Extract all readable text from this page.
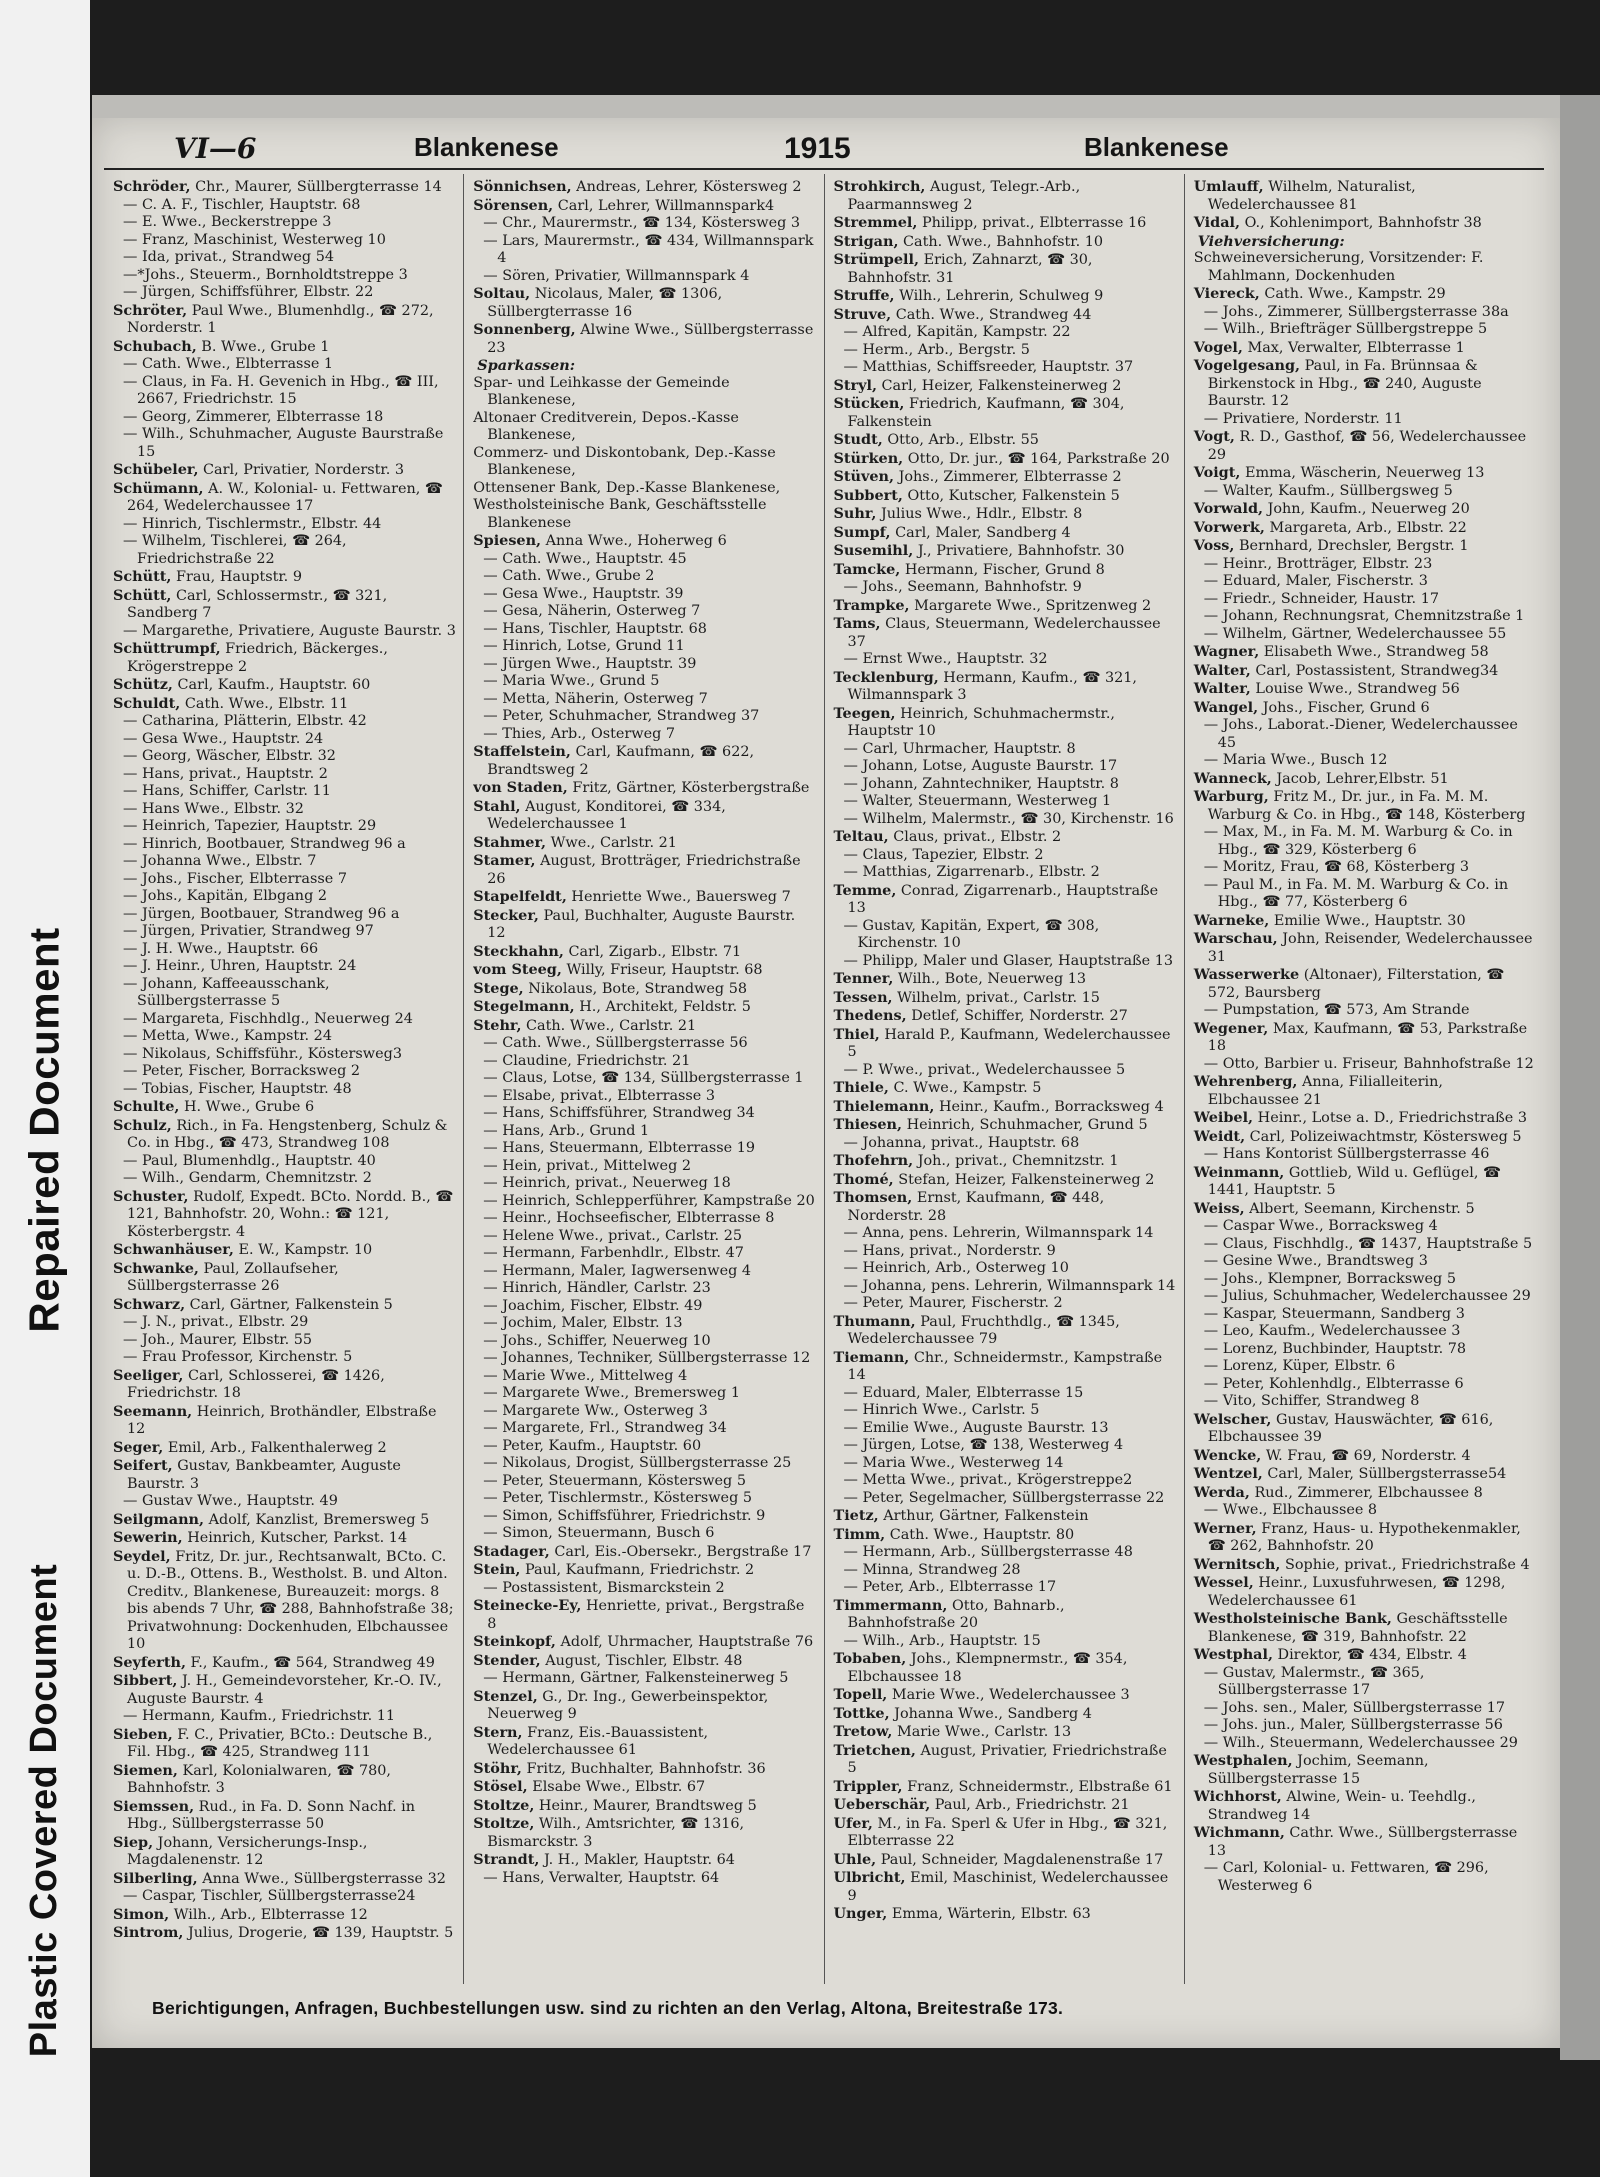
Repaired Document
Plastic Covered Document
VI—6	Blankenese	1915	Blankenese
Schröder, Chr., Maurer, Süllbergterrasse 14
— C. A. F., Tischler, Hauptstr. 68
— E. Wwe., Beckerstreppe 3
— Franz, Maschinist, Westerweg 10
— Ida, privat., Strandweg 54
—*Johs., Steuerm., Bornholdtstreppe 3
— Jürgen, Schiffsführer, Elbstr. 22
Schröter, Paul Wwe., Blumenhdlg., ☎ 272, Norderstr. 1
Schubach, B. Wwe., Grube 1
— Cath. Wwe., Elbterrasse 1
— Claus, in Fa. H. Gevenich in Hbg., ☎ III, 2667, Friedrichstr. 15
— Georg, Zimmerer, Elbterrasse 18
— Wilh., Schuhmacher, Auguste Baurstraße 15
Schübeler, Carl, Privatier, Norderstr. 3
Schümann, A. W., Kolonial- u. Fettwaren, ☎ 264, Wedelerchaussee 17
— Hinrich, Tischlermstr., Elbstr. 44
— Wilhelm, Tischlerei, ☎ 264, Friedrichstraße 22
Schütt, Frau, Hauptstr. 9
Schütt, Carl, Schlossermstr., ☎ 321, Sandberg 7
— Margarethe, Privatiere, Auguste Baurstr. 3
Schüttrumpf, Friedrich, Bäckerges., Krögerstreppe 2
Schütz, Carl, Kaufm., Hauptstr. 60
Schuldt, Cath. Wwe., Elbstr. 11
— Catharina, Plätterin, Elbstr. 42
— Gesa Wwe., Hauptstr. 24
— Georg, Wäscher, Elbstr. 32
— Hans, privat., Hauptstr. 2
— Hans, Schiffer, Carlstr. 11
— Hans Wwe., Elbstr. 32
— Heinrich, Tapezier, Hauptstr. 29
— Hinrich, Bootbauer, Strandweg 96 a
— Johanna Wwe., Elbstr. 7
— Johs., Fischer, Elbterrasse 7
— Johs., Kapitän, Elbgang 2
— Jürgen, Bootbauer, Strandweg 96 a
— Jürgen, Privatier, Strandweg 97
— J. H. Wwe., Hauptstr. 66
— J. Heinr., Uhren, Hauptstr. 24
— Johann, Kaffeeausschank, Süllbergsterrasse 5
— Margareta, Fischhdlg., Neuerweg 24
— Metta, Wwe., Kampstr. 24
— Nikolaus, Schiffsführ., Köstersweg3
— Peter, Fischer, Borracksweg 2
— Tobias, Fischer, Hauptstr. 48
Schulte, H. Wwe., Grube 6
Schulz, Rich., in Fa. Hengstenberg, Schulz & Co. in Hbg., ☎ 473, Strandweg 108
— Paul, Blumenhdlg., Hauptstr. 40
— Wilh., Gendarm, Chemnitzstr. 2
Schuster, Rudolf, Expedt. BCto. Nordd. B., ☎ 121, Bahnhofstr. 20, Wohn.: ☎ 121, Kösterbergstr. 4
Schwanhäuser, E. W., Kampstr. 10
Schwanke, Paul, Zollaufseher, Süllbergsterrasse 26
Schwarz, Carl, Gärtner, Falkenstein 5
— J. N., privat., Elbstr. 29
— Joh., Maurer, Elbstr. 55
— Frau Professor, Kirchenstr. 5
Seeliger, Carl, Schlosserei, ☎ 1426, Friedrichstr. 18
Seemann, Heinrich, Brothändler, Elbstraße 12
Seger, Emil, Arb., Falkenthalerweg 2
Seifert, Gustav, Bankbeamter, Auguste Baurstr. 3
— Gustav Wwe., Hauptstr. 49
Seilgmann, Adolf, Kanzlist, Bremersweg 5
Sewerin, Heinrich, Kutscher, Parkst. 14
Seydel, Fritz, Dr. jur., Rechtsanwalt, BCto. C. u. D.-B., Ottens. B., Westholst. B. und Alton. Creditv., Blankenese, Bureauzeit: morgs. 8 bis abends 7 Uhr, ☎ 288, Bahnhofstraße 38; Privatwohnung: Dockenhuden, Elbchaussee 10
Seyferth, F., Kaufm., ☎ 564, Strandweg 49
Sibbert, J. H., Gemeindevorsteher, Kr.-O. IV., Auguste Baurstr. 4
— Hermann, Kaufm., Friedrichstr. 11
Sieben, F. C., Privatier, BCto.: Deutsche B., Fil. Hbg., ☎ 425, Strandweg 111
Siemen, Karl, Kolonialwaren, ☎ 780, Bahnhofstr. 3
Siemssen, Rud., in Fa. D. Sonn Nachf. in Hbg., Süllbergsterrasse 50
Siep, Johann, Versicherungs-Insp., Magdalenenstr. 12
Silberling, Anna Wwe., Süllbergsterrasse 32
— Caspar, Tischler, Süllbergsterrasse24
Simon, Wilh., Arb., Elbterrasse 12
Sintrom, Julius, Drogerie, ☎ 139, Hauptstr. 5
Sönnichsen, Andreas, Lehrer, Köstersweg 2
Sörensen, Carl, Lehrer, Willmannspark4
— Chr., Maurermstr., ☎ 134, Köstersweg 3
— Lars, Maurermstr., ☎ 434, Willmannspark 4
— Sören, Privatier, Willmannspark 4
Soltau, Nicolaus, Maler, ☎ 1306, Süllbergterrasse 16
Sonnenberg, Alwine Wwe., Süllbergsterrasse 23
Sparkassen:
Spar- und Leihkasse der Gemeinde Blankenese,
Altonaer Creditverein, Depos.-Kasse Blankenese,
Commerz- und Diskontobank, Dep.-Kasse Blankenese,
Ottensener Bank, Dep.-Kasse Blankenese,
Westholsteinische Bank, Geschäftsstelle Blankenese
Spiesen, Anna Wwe., Hoherweg 6
— Cath. Wwe., Hauptstr. 45
— Cath. Wwe., Grube 2
— Gesa Wwe., Hauptstr. 39
— Gesa, Näherin, Osterweg 7
— Hans, Tischler, Hauptstr. 68
— Hinrich, Lotse, Grund 11
— Jürgen Wwe., Hauptstr. 39
— Maria Wwe., Grund 5
— Metta, Näherin, Osterweg 7
— Peter, Schuhmacher, Strandweg 37
— Thies, Arb., Osterweg 7
Staffelstein, Carl, Kaufmann, ☎ 622, Brandtsweg 2
von Staden, Fritz, Gärtner, Kösterbergstraße
Stahl, August, Konditorei, ☎ 334, Wedelerchaussee 1
Stahmer, Wwe., Carlstr. 21
Stamer, August, Brotträger, Friedrichstraße 26
Stapelfeldt, Henriette Wwe., Bauersweg 7
Stecker, Paul, Buchhalter, Auguste Baurstr. 12
Steckhahn, Carl, Zigarb., Elbstr. 71
vom Steeg, Willy, Friseur, Hauptstr. 68
Stege, Nikolaus, Bote, Strandweg 58
Stegelmann, H., Architekt, Feldstr. 5
Stehr, Cath. Wwe., Carlstr. 21
— Cath. Wwe., Süllbergsterrasse 56
— Claudine, Friedrichstr. 21
— Claus, Lotse, ☎ 134, Süllbergsterrasse 1
— Elsabe, privat., Elbterrasse 3
— Hans, Schiffsführer, Strandweg 34
— Hans, Arb., Grund 1
— Hans, Steuermann, Elbterrasse 19
— Hein, privat., Mittelweg 2
— Heinrich, privat., Neuerweg 18
— Heinrich, Schlepperführer, Kampstraße 20
— Heinr., Hochseefischer, Elbterrasse 8
— Helene Wwe., privat., Carlstr. 25
— Hermann, Farbenhdlr., Elbstr. 47
— Hermann, Maler, Iagwersenweg 4
— Hinrich, Händler, Carlstr. 23
— Joachim, Fischer, Elbstr. 49
— Jochim, Maler, Elbstr. 13
— Johs., Schiffer, Neuerweg 10
— Johannes, Techniker, Süllbergsterrasse 12
— Marie Wwe., Mittelweg 4
— Margarete Wwe., Bremersweg 1
— Margarete Ww., Osterweg 3
— Margarete, Frl., Strandweg 34
— Peter, Kaufm., Hauptstr. 60
— Nikolaus, Drogist, Süllbergsterrasse 25
— Peter, Steuermann, Köstersweg 5
— Peter, Tischlermstr., Köstersweg 5
— Simon, Schiffsführer, Friedrichstr. 9
— Simon, Steuermann, Busch 6
Stadager, Carl, Eis.-Obersekr., Bergstraße 17
Stein, Paul, Kaufmann, Friedrichstr. 2
— Postassistent, Bismarckstein 2
Steinecke-Ey, Henriette, privat., Bergstraße 8
Steinkopf, Adolf, Uhrmacher, Hauptstraße 76
Stender, August, Tischler, Elbstr. 48
— Hermann, Gärtner, Falkensteinerweg 5
Stenzel, G., Dr. Ing., Gewerbeinspektor, Neuerweg 9
Stern, Franz, Eis.-Bauassistent, Wedelerchaussee 61
Stöhr, Fritz, Buchhalter, Bahnhofstr. 36
Stösel, Elsabe Wwe., Elbstr. 67
Stoltze, Heinr., Maurer, Brandtsweg 5
Stoltze, Wilh., Amtsrichter, ☎ 1316, Bismarckstr. 3
Strandt, J. H., Makler, Hauptstr. 64
— Hans, Verwalter, Hauptstr. 64
Strohkirch, August, Telegr.-Arb., Paarmannsweg 2
Stremmel, Philipp, privat., Elbterrasse 16
Strigan, Cath. Wwe., Bahnhofstr. 10
Strümpell, Erich, Zahnarzt, ☎ 30, Bahnhofstr. 31
Struffe, Wilh., Lehrerin, Schulweg 9
Struve, Cath. Wwe., Strandweg 44
— Alfred, Kapitän, Kampstr. 22
— Herm., Arb., Bergstr. 5
— Matthias, Schiffsreeder, Hauptstr. 37
Stryl, Carl, Heizer, Falkensteinerweg 2
Stücken, Friedrich, Kaufmann, ☎ 304, Falkenstein
Studt, Otto, Arb., Elbstr. 55
Stürken, Otto, Dr. jur., ☎ 164, Parkstraße 20
Stüven, Johs., Zimmerer, Elbterrasse 2
Subbert, Otto, Kutscher, Falkenstein 5
Suhr, Julius Wwe., Hdlr., Elbstr. 8
Sumpf, Carl, Maler, Sandberg 4
Susemihl, J., Privatiere, Bahnhofstr. 30
Tamcke, Hermann, Fischer, Grund 8
— Johs., Seemann, Bahnhofstr. 9
Trampke, Margarete Wwe., Spritzenweg 2
Tams, Claus, Steuermann, Wedelerchaussee 37
— Ernst Wwe., Hauptstr. 32
Tecklenburg, Hermann, Kaufm., ☎ 321, Wilmannspark 3
Teegen, Heinrich, Schuhmachermstr., Hauptstr 10
— Carl, Uhrmacher, Hauptstr. 8
— Johann, Lotse, Auguste Baurstr. 17
— Johann, Zahntechniker, Hauptstr. 8
— Walter, Steuermann, Westerweg 1
— Wilhelm, Malermstr., ☎ 30, Kirchenstr. 16
Teltau, Claus, privat., Elbstr. 2
— Claus, Tapezier, Elbstr. 2
— Matthias, Zigarrenarb., Elbstr. 2
Temme, Conrad, Zigarrenarb., Hauptstraße 13
— Gustav, Kapitän, Expert, ☎ 308, Kirchenstr. 10
— Philipp, Maler und Glaser, Hauptstraße 13
Tenner, Wilh., Bote, Neuerweg 13
Tessen, Wilhelm, privat., Carlstr. 15
Thedens, Detlef, Schiffer, Norderstr. 27
Thiel, Harald P., Kaufmann, Wedelerchaussee 5
— P. Wwe., privat., Wedelerchaussee 5
Thiele, C. Wwe., Kampstr. 5
Thielemann, Heinr., Kaufm., Borracksweg 4
Thiesen, Heinrich, Schuhmacher, Grund 5
— Johanna, privat., Hauptstr. 68
Thofehrn, Joh., privat., Chemnitzstr. 1
Thomé, Stefan, Heizer, Falkensteinerweg 2
Thomsen, Ernst, Kaufmann, ☎ 448, Norderstr. 28
— Anna, pens. Lehrerin, Wilmannspark 14
— Hans, privat., Norderstr. 9
— Heinrich, Arb., Osterweg 10
— Johanna, pens. Lehrerin, Wilmannspark 14
— Peter, Maurer, Fischerstr. 2
Thumann, Paul, Fruchthdlg., ☎ 1345, Wedelerchaussee 79
Tiemann, Chr., Schneidermstr., Kampstraße 14
— Eduard, Maler, Elbterrasse 15
— Hinrich Wwe., Carlstr. 5
— Emilie Wwe., Auguste Baurstr. 13
— Jürgen, Lotse, ☎ 138, Westerweg 4
— Maria Wwe., Westerweg 14
— Metta Wwe., privat., Krögerstreppe2
— Peter, Segelmacher, Süllbergsterrasse 22
Tietz, Arthur, Gärtner, Falkenstein
Timm, Cath. Wwe., Hauptstr. 80
— Hermann, Arb., Süllbergsterrasse 48
— Minna, Strandweg 28
— Peter, Arb., Elbterrasse 17
Timmermann, Otto, Bahnarb., Bahnhofstraße 20
— Wilh., Arb., Hauptstr. 15
Tobaben, Johs., Klempnermstr., ☎ 354, Elbchaussee 18
Topell, Marie Wwe., Wedelerchaussee 3
Tottke, Johanna Wwe., Sandberg 4
Tretow, Marie Wwe., Carlstr. 13
Trietchen, August, Privatier, Friedrichstraße 5
Trippler, Franz, Schneidermstr., Elbstraße 61
Ueberschär, Paul, Arb., Friedrichstr. 21
Ufer, M., in Fa. Sperl & Ufer in Hbg., ☎ 321, Elbterrasse 22
Uhle, Paul, Schneider, Magdalenenstraße 17
Ulbricht, Emil, Maschinist, Wedelerchaussee 9
Unger, Emma, Wärterin, Elbstr. 63
Umlauff, Wilhelm, Naturalist, Wedelerchaussee 81
Vidal, O., Kohlenimport, Bahnhofstr 38
Viehversicherung:
Schweineversicherung, Vorsitzender: F. Mahlmann, Dockenhuden
Viereck, Cath. Wwe., Kampstr. 29
— Johs., Zimmerer, Süllbergsterrasse 38a
— Wilh., Briefträger Süllbergstreppe 5
Vogel, Max, Verwalter, Elbterrasse 1
Vogelgesang, Paul, in Fa. Brünnsaa & Birkenstock in Hbg., ☎ 240, Auguste Baurstr. 12
— Privatiere, Norderstr. 11
Vogt, R. D., Gasthof, ☎ 56, Wedelerchaussee 29
Voigt, Emma, Wäscherin, Neuerweg 13
— Walter, Kaufm., Süllbergsweg 5
Vorwald, John, Kaufm., Neuerweg 20
Vorwerk, Margareta, Arb., Elbstr. 22
Voss, Bernhard, Drechsler, Bergstr. 1
— Heinr., Brotträger, Elbstr. 23
— Eduard, Maler, Fischerstr. 3
— Friedr., Schneider, Haustr. 17
— Johann, Rechnungsrat, Chemnitzstraße 1
— Wilhelm, Gärtner, Wedelerchaussee 55
Wagner, Elisabeth Wwe., Strandweg 58
Walter, Carl, Postassistent, Strandweg34
Walter, Louise Wwe., Strandweg 56
Wangel, Johs., Fischer, Grund 6
— Johs., Laborat.-Diener, Wedelerchaussee 45
— Maria Wwe., Busch 12
Wanneck, Jacob, Lehrer,Elbstr. 51
Warburg, Fritz M., Dr. jur., in Fa. M. M. Warburg & Co. in Hbg., ☎ 148, Kösterberg
— Max, M., in Fa. M. M. Warburg & Co. in Hbg., ☎ 329, Kösterberg 6
— Moritz, Frau, ☎ 68, Kösterberg 3
— Paul M., in Fa. M. M. Warburg & Co. in Hbg., ☎ 77, Kösterberg 6
Warneke, Emilie Wwe., Hauptstr. 30
Warschau, John, Reisender, Wedelerchaussee 31
Wasserwerke (Altonaer), Filterstation, ☎ 572, Baursberg
— Pumpstation, ☎ 573, Am Strande
Wegener, Max, Kaufmann, ☎ 53, Parkstraße 18
— Otto, Barbier u. Friseur, Bahnhofstraße 12
Wehrenberg, Anna, Filialleiterin, Elbchaussee 21
Weibel, Heinr., Lotse a. D., Friedrichstraße 3
Weidt, Carl, Polizeiwachtmstr, Köstersweg 5
— Hans Kontorist Süllbergsterrasse 46
Weinmann, Gottlieb, Wild u. Geflügel, ☎ 1441, Hauptstr. 5
Weiss, Albert, Seemann, Kirchenstr. 5
— Caspar Wwe., Borracksweg 4
— Claus, Fischhdlg., ☎ 1437, Hauptstraße 5
— Gesine Wwe., Brandtsweg 3
— Johs., Klempner, Borracksweg 5
— Julius, Schuhmacher, Wedelerchaussee 29
— Kaspar, Steuermann, Sandberg 3
— Leo, Kaufm., Wedelerchaussee 3
— Lorenz, Buchbinder, Hauptstr. 78
— Lorenz, Küper, Elbstr. 6
— Peter, Kohlenhdlg., Elbterrasse 6
— Vito, Schiffer, Strandweg 8
Welscher, Gustav, Hauswächter, ☎ 616, Elbchaussee 39
Wencke, W. Frau, ☎ 69, Norderstr. 4
Wentzel, Carl, Maler, Süllbergsterrasse54
Werda, Rud., Zimmerer, Elbchaussee 8
— Wwe., Elbchaussee 8
Werner, Franz, Haus- u. Hypothekenmakler, ☎ 262, Bahnhofstr. 20
Wernitsch, Sophie, privat., Friedrichstraße 4
Wessel, Heinr., Luxusfuhrwesen, ☎ 1298, Wedelerchaussee 61
Westholsteinische Bank, Geschäftsstelle Blankenese, ☎ 319, Bahnhofstr. 22
Westphal, Direktor, ☎ 434, Elbstr. 4
— Gustav, Malermstr., ☎ 365, Süllbergsterrasse 17
— Johs. sen., Maler, Süllbergsterrasse 17
— Johs. jun., Maler, Süllbergsterrasse 56
— Wilh., Steuermann, Wedelerchaussee 29
Westphalen, Jochim, Seemann, Süllbergsterrasse 15
Wichhorst, Alwine, Wein- u. Teehdlg., Strandweg 14
Wichmann, Cathr. Wwe., Süllbergsterrasse 13
— Carl, Kolonial- u. Fettwaren, ☎ 296, Westerweg 6
Berichtigungen, Anfragen, Buchbestellungen usw. sind zu richten an den Verlag, Altona, Breitestraße 173.
